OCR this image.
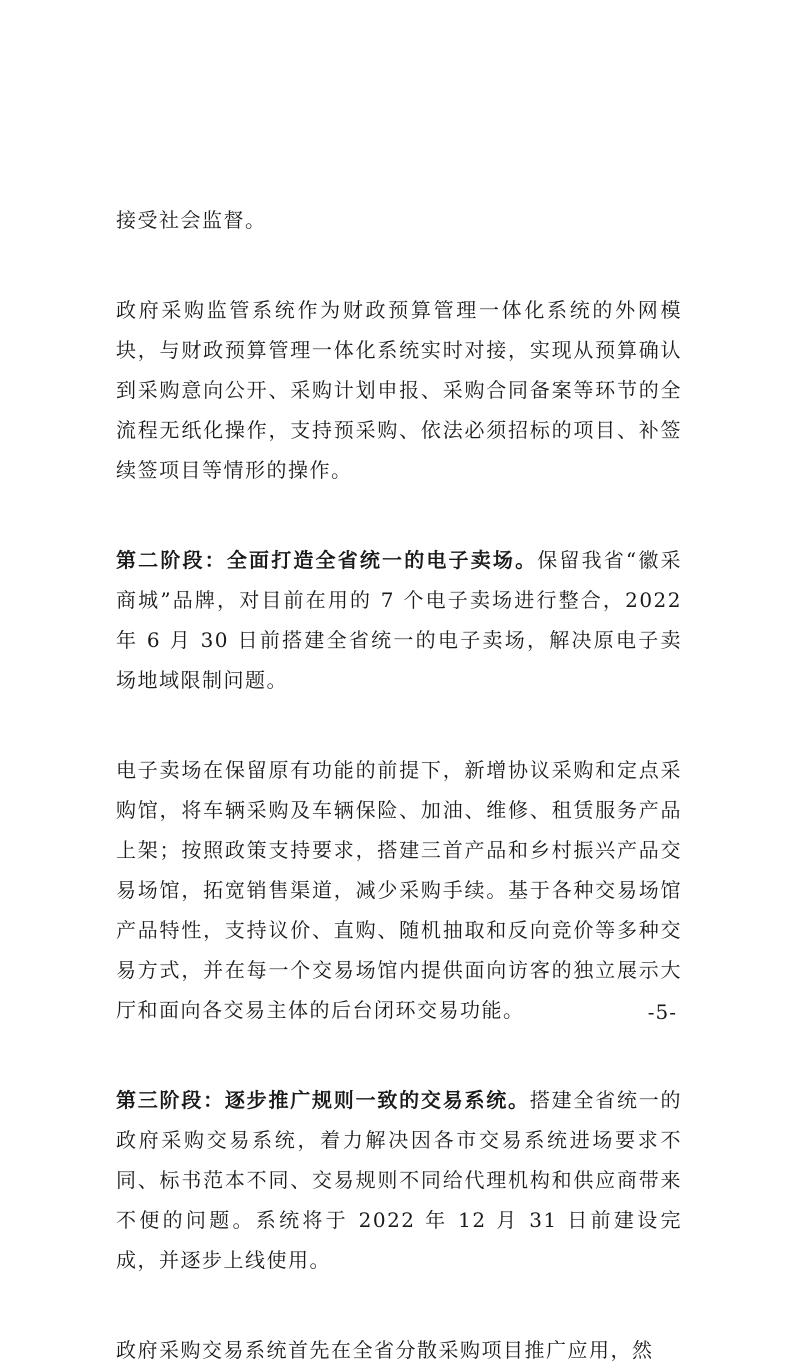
接受社会监督。

政府采购监管系统作为财政预算管理一体化系统的外网模块，与财政预算管理一体化系统实时对接，实现从预算确认到采购意向公开、采购计划申报、采购合同备案等环节的全流程无纸化操作，支持预采购、依法必须招标的项目、补签续签项目等情形的操作。

第二阶段：全面打造全省统一的电子卖场。保留我省“徽采商城”品牌，对目前在用的 7 个电子卖场进行整合，2022 年 6 月 30 日前搭建全省统一的电子卖场，解决原电子卖场地域限制问题。

电子卖场在保留原有功能的前提下，新增协议采购和定点采购馆，将车辆采购及车辆保险、加油、维修、租赁服务产品上架；按照政策支持要求，搭建三首产品和乡村振兴产品交易场馆，拓宽销售渠道，减少采购手续。基于各种交易场馆产品特性，支持议价、直购、随机抽取和反向竞价等多种交易方式，并在每一个交易场馆内提供面向访客的独立展示大厅和面向各交易主体的后台闭环交易功能。

第三阶段：逐步推广规则一致的交易系统。搭建全省统一的政府采购交易系统，着力解决因各市交易系统进场要求不同、标书范本不同、交易规则不同给代理机构和供应商带来不便的问题。系统将于 2022 年 12 月 31 日前建设完成，并逐步上线使用。

政府采购交易系统首先在全省分散采购项目推广应用，然

-5-
